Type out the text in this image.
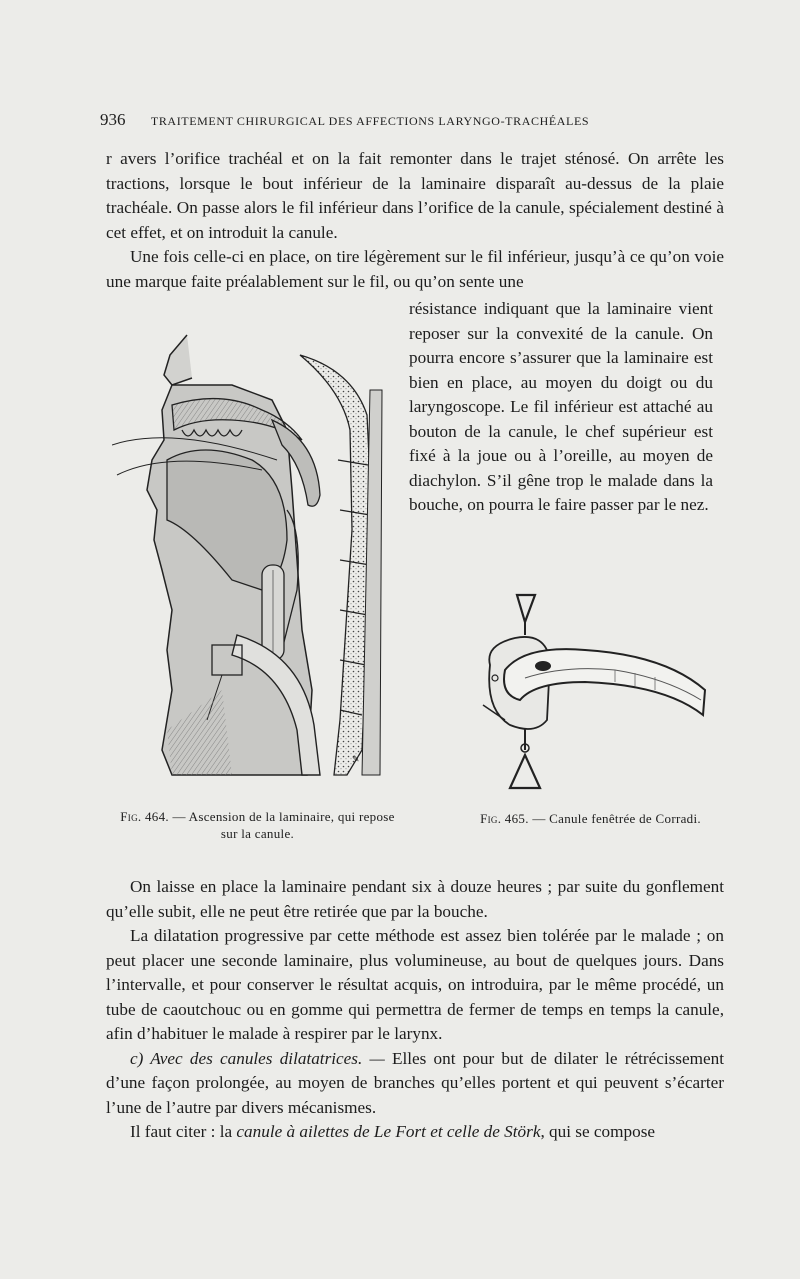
936 TRAITEMENT CHIRURGICAL DES AFFECTIONS LARYNGO-TRACHÉALES

r avers l’orifice trachéal et on la fait remonter dans le trajet sténosé. On arrête les tractions, lorsque le bout inférieur de la laminaire disparaît au-dessus de la plaie trachéale. On passe alors le fil inférieur dans l’orifice de la canule, spécialement destiné à cet effet, et on introduit la canule.

Une fois celle-ci en place, on tire légèrement sur le fil inférieur, jusqu’à ce qu’on voie une marque faite préalablement sur le fil, ou qu’on sente une

résistance indiquant que la laminaire vient reposer sur la convexité de la canule. On pourra encore s’assurer que la laminaire est bien en place, au moyen du doigt ou du laryngoscope. Le fil inférieur est attaché au bouton de la canule, le chef supérieur est fixé à la joue ou à l’oreille, au moyen de diachylon. S’il gêne trop le malade dans la bouche, on pourra le faire passer par le nez.

✎
Fig. 464. — Ascension de la laminaire, qui repose sur la canule.
Fig. 465. — Canule fenêtrée de Corradi.

On laisse en place la laminaire pendant six à douze heures ; par suite du gonflement qu’elle subit, elle ne peut être retirée que par la bouche.

La dilatation progressive par cette méthode est assez bien tolérée par le malade ; on peut placer une seconde laminaire, plus volumineuse, au bout de quelques jours. Dans l’intervalle, et pour conserver le résultat acquis, on introduira, par le même procédé, un tube de caoutchouc ou en gomme qui permettra de fermer de temps en temps la canule, afin d’habituer le malade à respirer par le larynx.

c) Avec des canules dilatatrices. — Elles ont pour but de dilater le rétrécissement d’une façon prolongée, au moyen de branches qu’elles portent et qui peuvent s’écarter l’une de l’autre par divers mécanismes.

Il faut citer : la canule à ailettes de Le Fort et celle de Störk, qui se compose
